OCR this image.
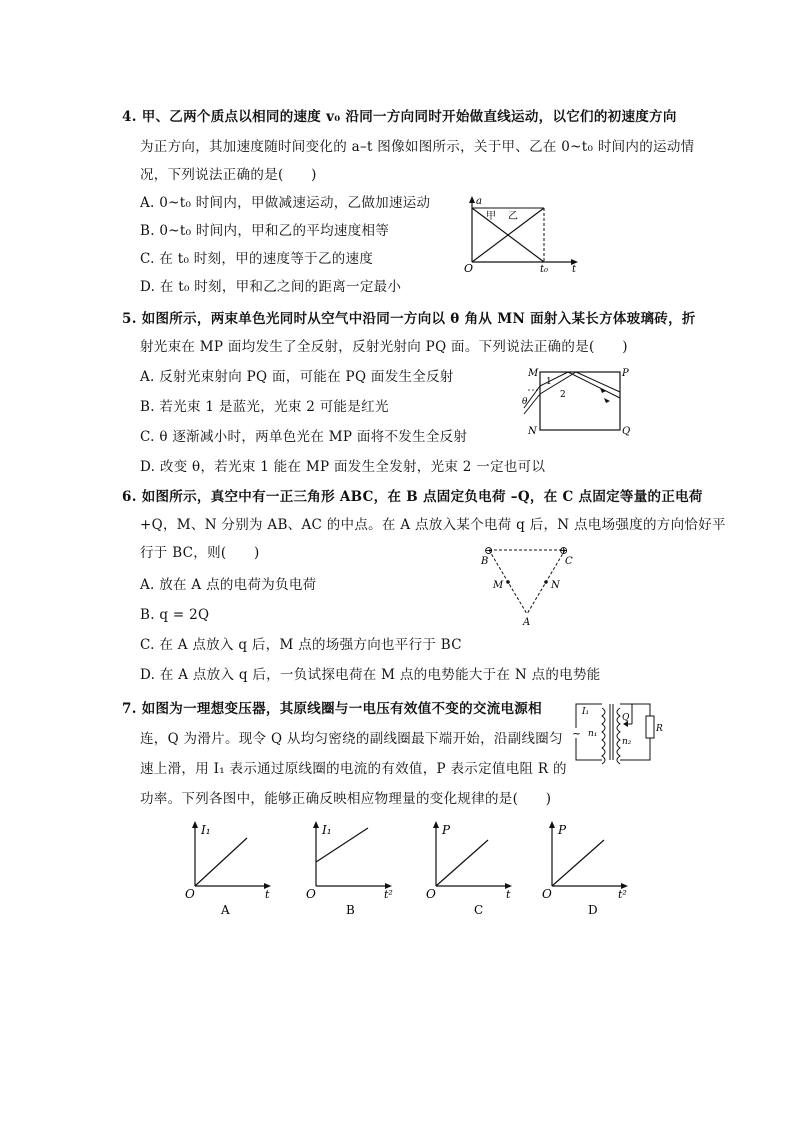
4. 甲、乙两个质点以相同的速度 v₀ 沿同一方向同时开始做直线运动，以它们的初速度方向
为正方向，其加速度随时间变化的 a–t 图像如图所示，关于甲、乙在 0~t₀ 时间内的运动情
况，下列说法正确的是(　　)
A. 0~t₀ 时间内，甲做减速运动，乙做加速运动
B. 0~t₀ 时间内，甲和乙的平均速度相等
C. 在 t₀ 时刻，甲的速度等于乙的速度
D. 在 t₀ 时刻，甲和乙之间的距离一定最小
a
甲 乙
O	t₀ t
5. 如图所示，两束单色光同时从空气中沿同一方向以 θ 角从 MN 面射入某长方体玻璃砖，折
射光束在 MP 面均发生了全反射，反射光射向 PQ 面。下列说法正确的是(　　)
A. 反射光束射向 PQ 面，可能在 PQ 面发生全反射
B. 若光束 1 是蓝光，光束 2 可能是红光
C. θ 逐渐减小时，两单色光在 MP 面将不发生全反射
D. 改变 θ，若光束 1 能在 MP 面发生全发射，光束 2 一定也可以
M	P
N	Q
1
2
θ
6. 如图所示，真空中有一正三角形 ABC，在 B 点固定负电荷 –Q，在 C 点固定等量的正电荷
+Q，M、N 分别为 AB、AC 的中点。在 A 点放入某个电荷 q 后，N 点电场强度的方向恰好平
行于 BC，则(　　)
A. 放在 A 点的电荷为负电荷
B. q = 2Q
C. 在 A 点放入 q 后，M 点的场强方向也平行于 BC
D. 在 A 点放入 q 后，一负试探电荷在 M 点的电势能大于在 N 点的电势能
⊖	⊕
B	C
M	N
A
7. 如图为一理想变压器，其原线圈与一电压有效值不变的交流电源相
连，Q 为滑片。现令 Q 从均匀密绕的副线圈最下端开始，沿副线圈匀
速上滑，用 I₁ 表示通过原线圈的电流的有效值，P 表示定值电阻 R 的
功率。下列各图中，能够正确反映相应物理量的变化规律的是(　　)
~
I₁
Q
n₁
n₂
R
I₁
O	t
A
I₁
O	t²
B
P
O	t
C
P
O	t²
D
